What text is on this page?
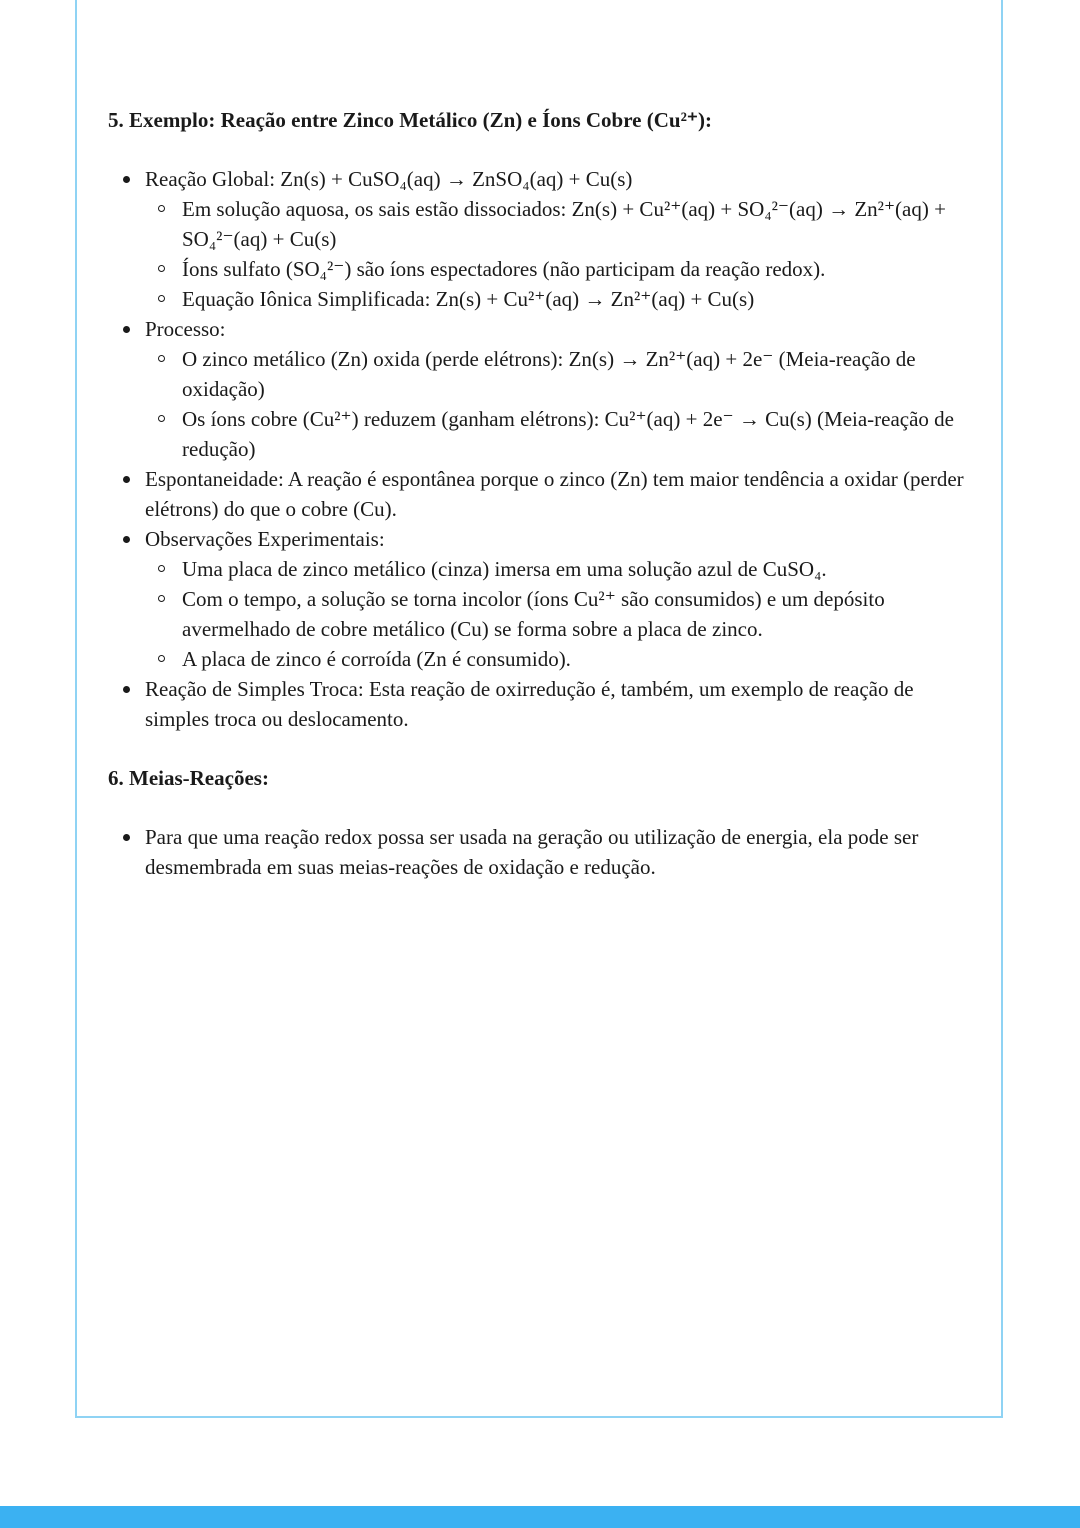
5. Exemplo: Reação entre Zinco Metálico (Zn) e Íons Cobre (Cu²⁺):
Reação Global: Zn(s) + CuSO₄(aq) → ZnSO₄(aq) + Cu(s)
Em solução aquosa, os sais estão dissociados: Zn(s) + Cu²⁺(aq) + SO₄²⁻(aq) → Zn²⁺(aq) + SO₄²⁻(aq) + Cu(s)
Íons sulfato (SO₄²⁻) são íons espectadores (não participam da reação redox).
Equação Iônica Simplificada: Zn(s) + Cu²⁺(aq) → Zn²⁺(aq) + Cu(s)
Processo:
O zinco metálico (Zn) oxida (perde elétrons): Zn(s) → Zn²⁺(aq) + 2e⁻ (Meia-reação de oxidação)
Os íons cobre (Cu²⁺) reduzem (ganham elétrons): Cu²⁺(aq) + 2e⁻ → Cu(s) (Meia-reação de redução)
Espontaneidade: A reação é espontânea porque o zinco (Zn) tem maior tendência a oxidar (perder elétrons) do que o cobre (Cu).
Observações Experimentais:
Uma placa de zinco metálico (cinza) imersa em uma solução azul de CuSO₄.
Com o tempo, a solução se torna incolor (íons Cu²⁺ são consumidos) e um depósito avermelhado de cobre metálico (Cu) se forma sobre a placa de zinco.
A placa de zinco é corroída (Zn é consumido).
Reação de Simples Troca: Esta reação de oxirredução é, também, um exemplo de reação de simples troca ou deslocamento.
6. Meias-Reações:
Para que uma reação redox possa ser usada na geração ou utilização de energia, ela pode ser desmembrada em suas meias-reações de oxidação e redução.
